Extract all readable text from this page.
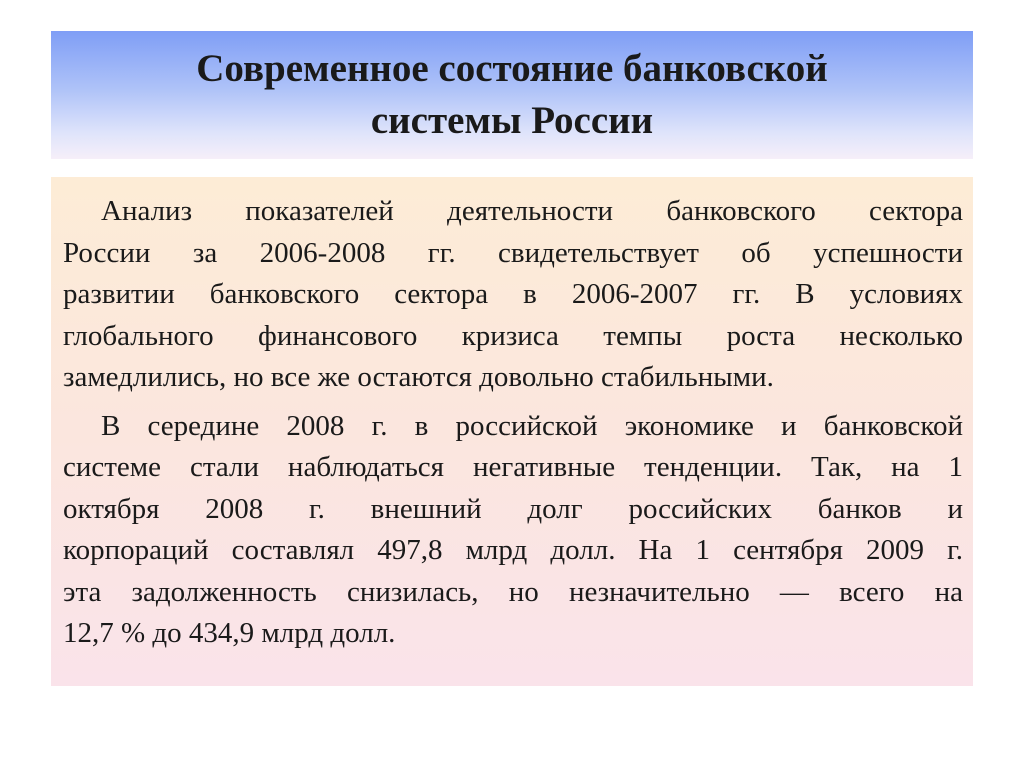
Современное состояние банковской
системы России
Анализ показателей деятельности банковского сектора
России за 2006-2008 гг. свидетельствует об успешности
развитии банковского сектора в 2006-2007 гг. В условиях
глобального финансового кризиса темпы роста несколько
замедлились, но все же остаются довольно стабильными.
В середине 2008 г. в российской экономике и банковской
системе стали наблюдаться негативные тенденции. Так, на 1
октября 2008 г. внешний долг российских банков и
корпораций составлял 497,8 млрд долл. На 1 сентября 2009 г.
эта задолженность снизилась, но незначительно — всего на
12,7 % до 434,9 млрд долл.
